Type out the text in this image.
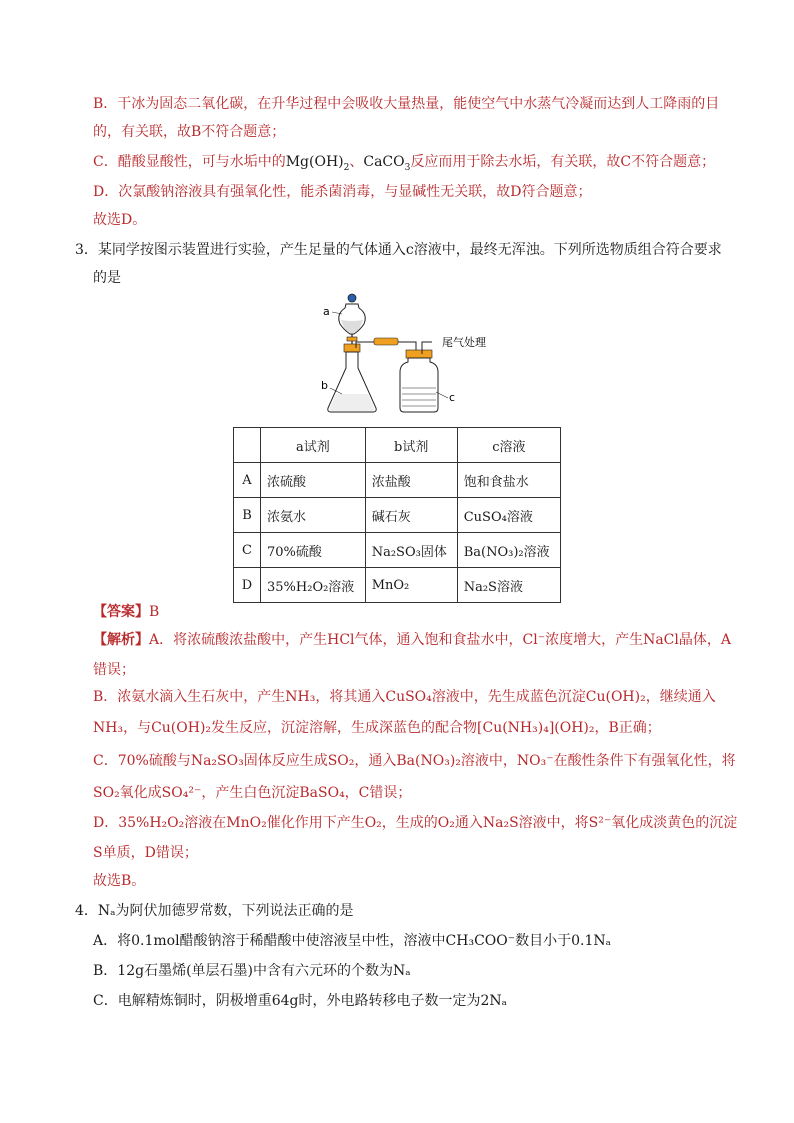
B．干冰为固态二氧化碳，在升华过程中会吸收大量热量，能使空气中水蒸气冷凝而达到人工降雨的目
的，有关联，故B不符合题意；
C．醋酸显酸性，可与水垢中的$Mg(OH)_2$、CaCO$_3$反应而用于除去水垢，有关联，故C不符合题意；
D．次氯酸钠溶液具有强氧化性，能杀菌消毒，与显碱性无关联，故D符合题意；
故选D。
3．某同学按图示装置进行实验，产生足量的气体通入c溶液中，最终无浑浊。下列所选物质组合符合要求
的是
a
b
尾气处理
c
	a试剂	b试剂	c溶液
A	浓硫酸	浓盐酸	饱和食盐水
B	浓氨水	碱石灰	CuSO₄溶液
C	70%硫酸	Na₂SO₃固体	Ba(NO₃)₂溶液
D	35%H₂O₂溶液	MnO₂	Na₂S溶液
【答案】B
【解析】A．将浓硫酸浓盐酸中，产生HCl气体，通入饱和食盐水中，Cl⁻浓度增大，产生NaCl晶体，A
错误；
B．浓氨水滴入生石灰中，产生NH₃，将其通入CuSO₄溶液中，先生成蓝色沉淀Cu(OH)₂，继续通入
NH₃，与Cu(OH)₂发生反应，沉淀溶解，生成深蓝色的配合物[Cu(NH₃)₄](OH)₂，B正确；
C．70%硫酸与Na₂SO₃固体反应生成SO₂，通入Ba(NO₃)₂溶液中，NO₃⁻在酸性条件下有强氧化性，将
SO₂氧化成SO₄²⁻，产生白色沉淀BaSO₄，C错误；
D．35%H₂O₂溶液在MnO₂催化作用下产生O₂，生成的O₂通入Na₂S溶液中，将S²⁻氧化成淡黄色的沉淀
S单质，D错误；
故选B。
4．Nₐ为阿伏加德罗常数，下列说法正确的是
A．将0.1mol醋酸钠溶于稀醋酸中使溶液呈中性，溶液中CH₃COO⁻数目小于0.1Nₐ
B．12g石墨烯(单层石墨)中含有六元环的个数为Nₐ
C．电解精炼铜时，阴极增重64g时，外电路转移电子数一定为2Nₐ
